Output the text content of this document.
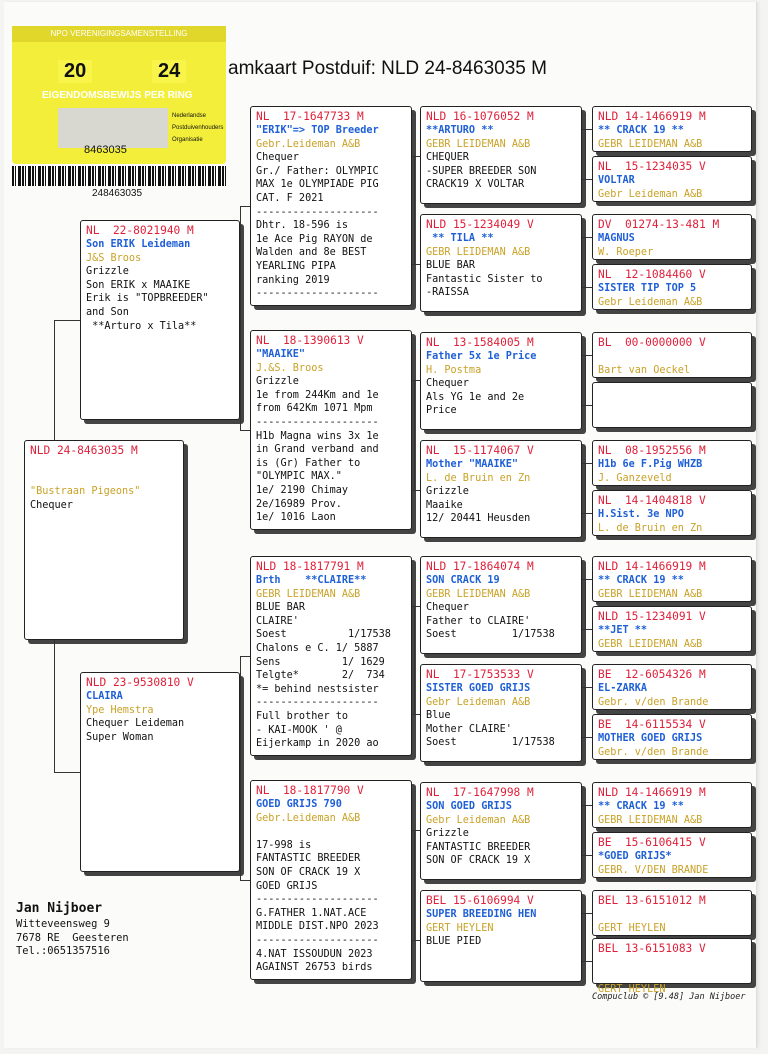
NPO VERENIGINGSAMENSTELLING
20	24
EIGENDOMSBEWIJS PER RING
Nederlandse
Postduivenhouders
Organisatie
8463035
248463035
amkaart Postduif: NLD 24-8463035 M
NLD 24-8463035 M
"Bustraan Pigeons"
Chequer
NL  22-8021940 M
Son ERIK Leideman
J&S Broos
Grizzle
Son ERIK x MAAIKE
Erik is "TOPBREEDER"
and Son
**Arturo x Tila**
NLD 23-9530810 V
CLAIRA
Ype Hemstra
Chequer Leideman
Super Woman
NL  17-1647733 M
"ERIK"=> TOP Breeder
Gebr.Leideman A&B
Chequer
Gr./ Father: OLYMPIC
MAX 1e OLYMPIADE PIG
CAT. F 2021
--------------------
Dhtr. 18-596 is
1e Ace Pig RAYON de
Walden and 8e BEST
YEARLING PIPA
ranking 2019
--------------------
NL  18-1390613 V
"MAAIKE"
J.&S. Broos
Grizzle
1e from 244Km and 1e
from 642Km 1071 Mpm
--------------------
H1b Magna wins 3x 1e
in Grand verband and
is (Gr) Father to
"OLYMPIC MAX."
1e/ 2190 Chimay
2e/16989 Prov.
1e/ 1016 Laon
NLD 18-1817791 M
Brth    **CLAIRE**
GEBR LEIDEMAN A&B
BLUE BAR
CLAIRE'
Soest          1/17538
Chalons e C. 1/ 5887
Sens          1/ 1629
Telgte*       2/  734
*= behind nestsister
--------------------
Full brother to
- KAI-MOOK ' @
Eijerkamp in 2020 ao
NL  18-1817790 V
GOED GRIJS 790
Gebr.Leideman A&B
17-998 is
FANTASTIC BREEDER
SON OF CRACK 19 X
GOED GRIJS
--------------------
G.FATHER 1.NAT.ACE
MIDDLE DIST.NPO 2023
--------------------
4.NAT ISSOUDUN 2023
AGAINST 26753 birds
NLD 16-1076052 M
**ARTURO **
GEBR LEIDEMAN A&B
CHEQUER
-SUPER BREEDER SON
CRACK19 X VOLTAR
NLD 15-1234049 V
** TILA **
GEBR LEIDEMAN A&B
BLUE BAR
Fantastic Sister to
-RAISSA
NL  13-1584005 M
Father 5x 1e Price
H. Postma
Chequer
Als YG 1e and 2e
Price
NL  15-1174067 V
Mother "MAAIKE"
L. de Bruin en Zn
Grizzle
Maaike
12/ 20441 Heusden
NLD 17-1864074 M
SON CRACK 19
GEBR LEIDEMAN A&B
Chequer
Father to CLAIRE'
Soest         1/17538
NL  17-1753533 V
SISTER GOED GRIJS
Gebr Leideman A&B
Blue
Mother CLAIRE'
Soest         1/17538
NL  17-1647998 M
SON GOED GRIJS
Gebr Leideman A&B
Grizzle
FANTASTIC BREEDER
SON OF CRACK 19 X
BEL 15-6106994 V
SUPER BREEDING HEN
GERT HEYLEN
BLUE PIED
NLD 14-1466919 M
** CRACK 19 **
GEBR LEIDEMAN A&B
NL  15-1234035 V
VOLTAR
Gebr Leideman A&B
DV  01274-13-481 M
MAGNUS
W. Roeper
NL  12-1084460 V
SISTER TIP TOP 5
Gebr Leideman A&B
BL  00-0000000 V
Bart van Oeckel
NL  08-1952556 M
H1b 6e F.Pig WHZB
J. Ganzeveld
NL  14-1404818 V
H.Sist. 3e NPO
L. de Bruin en Zn
NLD 14-1466919 M
** CRACK 19 **
GEBR LEIDEMAN A&B
NLD 15-1234091 V
**JET **
GEBR LEIDEMAN A&B
BE  12-6054326 M
EL-ZARKA
Gebr. v/den Brande
BE  14-6115534 V
MOTHER GOED GRIJS
Gebr. v/den Brande
NLD 14-1466919 M
** CRACK 19 **
GEBR LEIDEMAN A&B
BE  15-6106415 V
*GOED GRIJS*
GEBR. V/DEN BRANDE
BEL 13-6151012 M
GERT HEYLEN
BEL 13-6151083 V
GERT HEYLEN
Jan Nijboer
Witteveensweg 9
7678 RE  Geesteren
Tel.:0651357516
Compuclub © [9.48] Jan Nijboer
